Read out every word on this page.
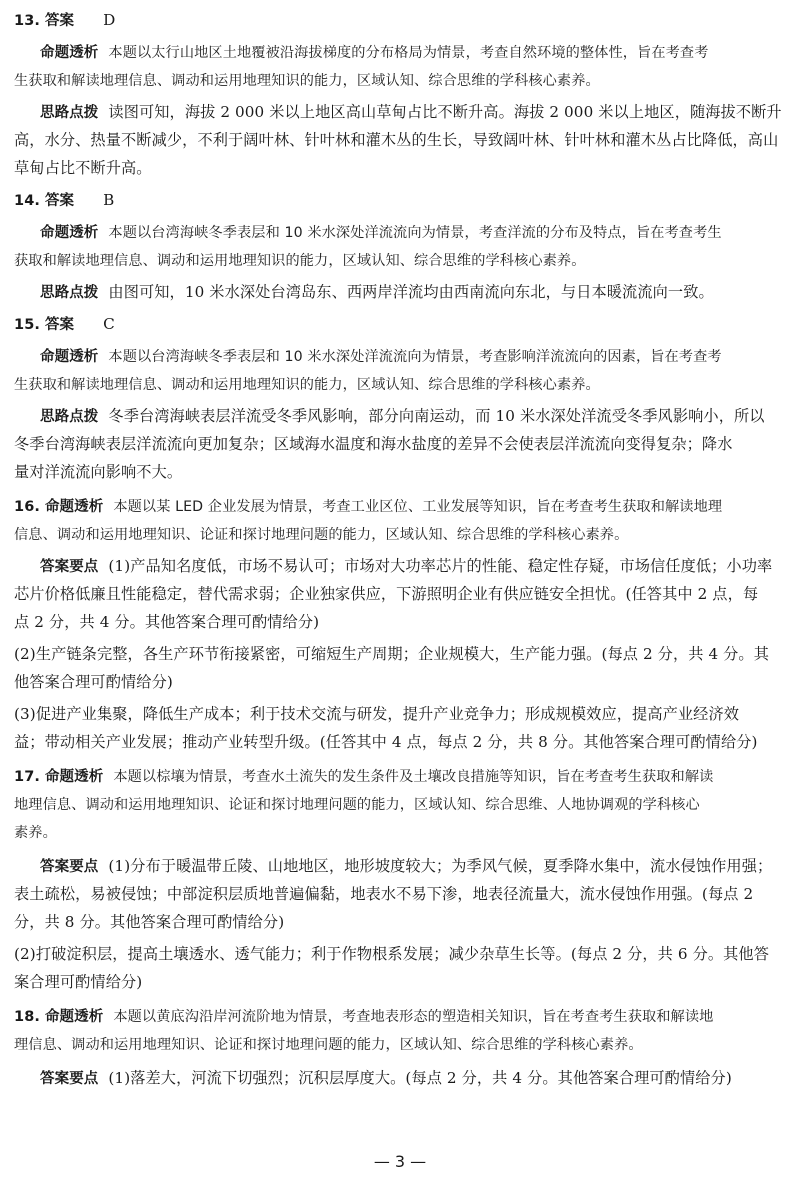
13. 答案 D
命题透析 本题以太行山地区土地覆被沿海拔梯度的分布格局为情景，考查自然环境的整体性，旨在考查考
生获取和解读地理信息、调动和运用地理知识的能力，区域认知、综合思维的学科核心素养。
思路点拨 读图可知，海拔 2 000 米以上地区高山草甸占比不断升高。海拔 2 000 米以上地区，随海拔不断升
高，水分、热量不断减少，不利于阔叶林、针叶林和灌木丛的生长，导致阔叶林、针叶林和灌木丛占比降低，高山
草甸占比不断升高。
14. 答案 B
命题透析 本题以台湾海峡冬季表层和 10 米水深处洋流流向为情景，考查洋流的分布及特点，旨在考查考生
获取和解读地理信息、调动和运用地理知识的能力，区域认知、综合思维的学科核心素养。
思路点拨 由图可知，10 米水深处台湾岛东、西两岸洋流均由西南流向东北，与日本暖流流向一致。
15. 答案 C
命题透析 本题以台湾海峡冬季表层和 10 米水深处洋流流向为情景，考查影响洋流流向的因素，旨在考查考
生获取和解读地理信息、调动和运用地理知识的能力，区域认知、综合思维的学科核心素养。
思路点拨 冬季台湾海峡表层洋流受冬季风影响，部分向南运动，而 10 米水深处洋流受冬季风影响小，所以
冬季台湾海峡表层洋流流向更加复杂；区域海水温度和海水盐度的差异不会使表层洋流流向变得复杂；降水
量对洋流流向影响不大。
16. 命题透析 本题以某 LED 企业发展为情景，考查工业区位、工业发展等知识，旨在考查考生获取和解读地理
信息、调动和运用地理知识、论证和探讨地理问题的能力，区域认知、综合思维的学科核心素养。
答案要点 (1)产品知名度低，市场不易认可；市场对大功率芯片的性能、稳定性存疑，市场信任度低；小功率
芯片价格低廉且性能稳定，替代需求弱；企业独家供应，下游照明企业有供应链安全担忧。(任答其中 2 点，每
点 2 分，共 4 分。其他答案合理可酌情给分)
(2)生产链条完整，各生产环节衔接紧密，可缩短生产周期；企业规模大，生产能力强。(每点 2 分，共 4 分。其
他答案合理可酌情给分)
(3)促进产业集聚，降低生产成本；利于技术交流与研发，提升产业竞争力；形成规模效应，提高产业经济效
益；带动相关产业发展；推动产业转型升级。(任答其中 4 点，每点 2 分，共 8 分。其他答案合理可酌情给分)
17. 命题透析 本题以棕壤为情景，考查水土流失的发生条件及土壤改良措施等知识，旨在考查考生获取和解读
地理信息、调动和运用地理知识、论证和探讨地理问题的能力，区域认知、综合思维、人地协调观的学科核心
素养。
答案要点 (1)分布于暖温带丘陵、山地地区，地形坡度较大；为季风气候，夏季降水集中，流水侵蚀作用强；
表土疏松，易被侵蚀；中部淀积层质地普遍偏黏，地表水不易下渗，地表径流量大，流水侵蚀作用强。(每点 2
分，共 8 分。其他答案合理可酌情给分)
(2)打破淀积层，提高土壤透水、透气能力；利于作物根系发展；减少杂草生长等。(每点 2 分，共 6 分。其他答
案合理可酌情给分)
18. 命题透析 本题以黄底沟沿岸河流阶地为情景，考查地表形态的塑造相关知识，旨在考查考生获取和解读地
理信息、调动和运用地理知识、论证和探讨地理问题的能力，区域认知、综合思维的学科核心素养。
答案要点 (1)落差大，河流下切强烈；沉积层厚度大。(每点 2 分，共 4 分。其他答案合理可酌情给分)
— 3 —
